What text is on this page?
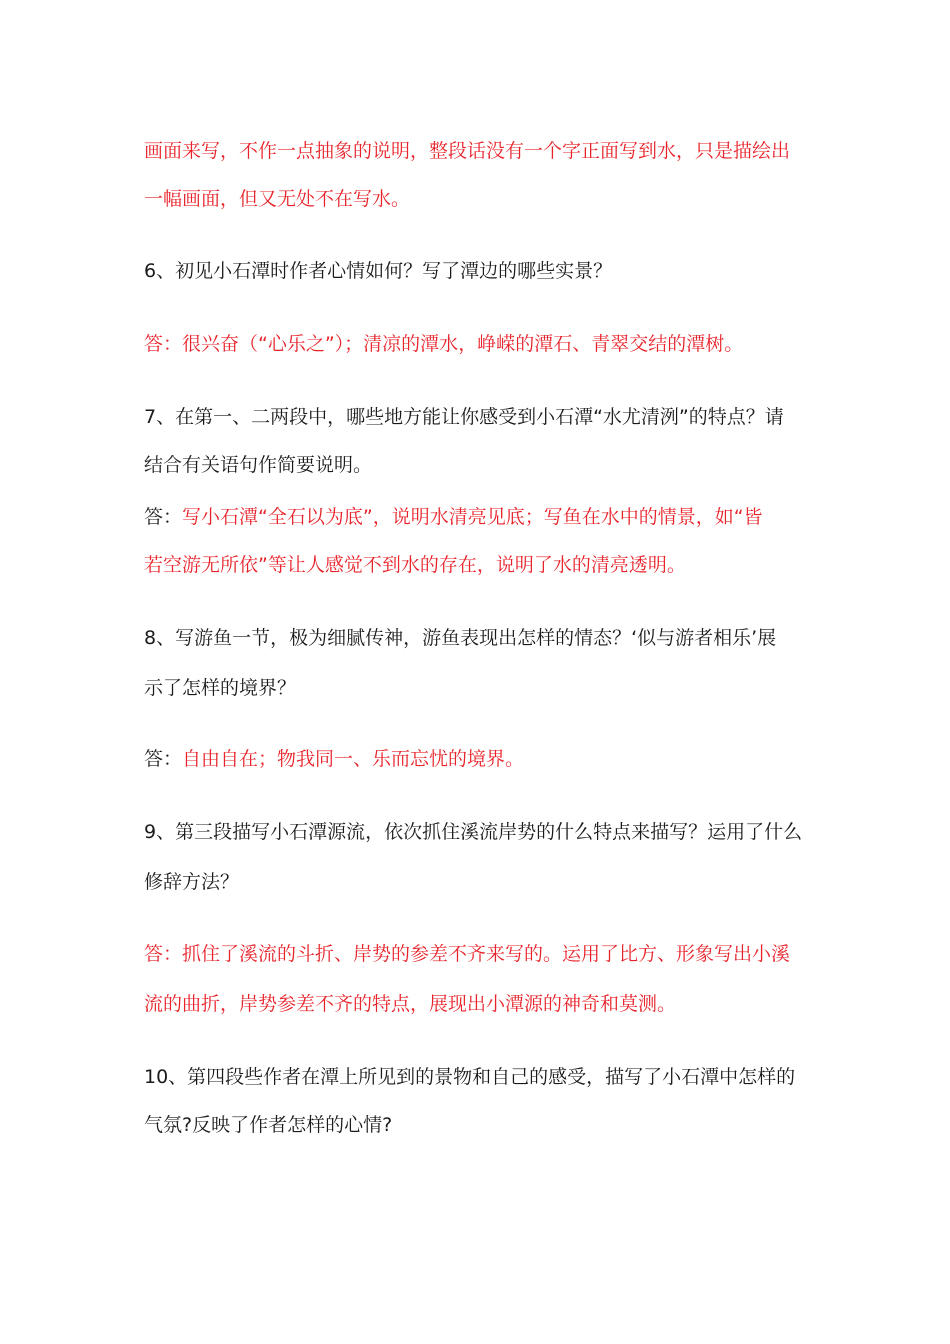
画面来写，不作一点抽象的说明，整段话没有一个字正面写到水，只是描绘出

一幅画面，但又无处不在写水。

6、初见小石潭时作者心情如何？写了潭边的哪些实景？

答：很兴奋（“心乐之”）；清凉的潭水，峥嵘的潭石、青翠交结的潭树。

7、在第一、二两段中，哪些地方能让你感受到小石潭“水尤清洌”的特点？请

结合有关语句作简要说明。

答：写小石潭“全石以为底”，说明水清亮见底；写鱼在水中的情景，如“皆

若空游无所依”等让人感觉不到水的存在，说明了水的清亮透明。

8、写游鱼一节，极为细腻传神，游鱼表现出怎样的情态？‘似与游者相乐’展

示了怎样的境界？

答：自由自在；物我同一、乐而忘忧的境界。

9、第三段描写小石潭源流，依次抓住溪流岸势的什么特点来描写？运用了什么

修辞方法？

答：抓住了溪流的斗折、岸势的参差不齐来写的。运用了比方、形象写出小溪

流的曲折，岸势参差不齐的特点，展现出小潭源的神奇和莫测。

10、第四段些作者在潭上所见到的景物和自己的感受，描写了小石潭中怎样的

气氛?反映了作者怎样的心情?
